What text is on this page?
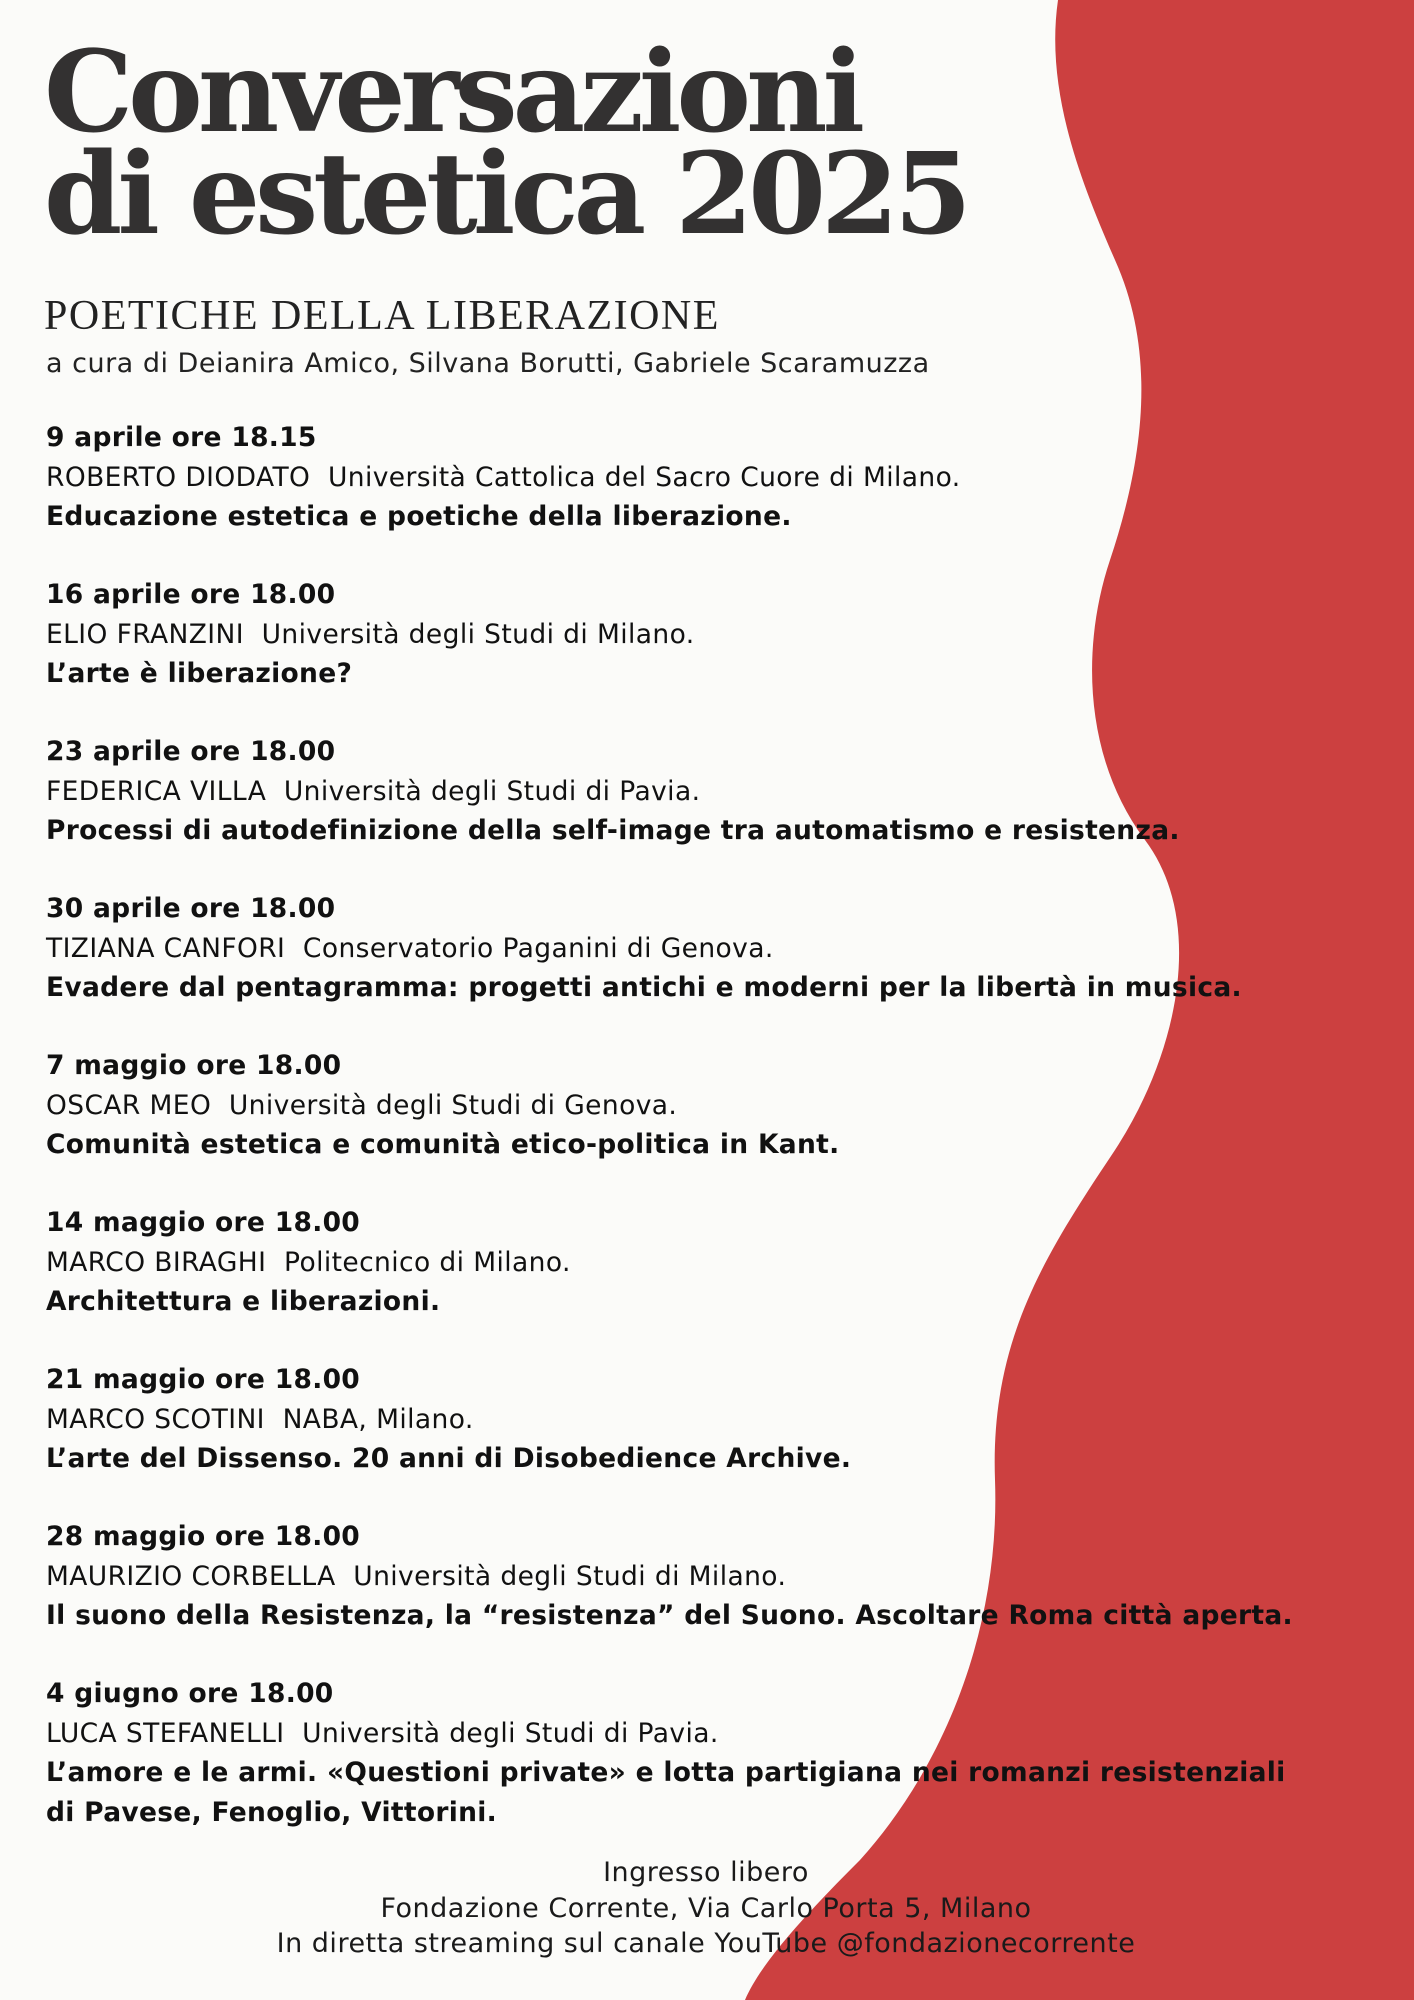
Conversazioni
di estetica 2025
POETICHE DELLA LIBERAZIONE

a cura di Deianira Amico, Silvana Borutti, Gabriele Scaramuzza

9 aprile ore 18.15
ROBERTO DIODATO Università Cattolica del Sacro Cuore di Milano.
Educazione estetica e poetiche della liberazione.
16 aprile ore 18.00
ELIO FRANZINI Università degli Studi di Milano.
L’arte è liberazione?
23 aprile ore 18.00
FEDERICA VILLA Università degli Studi di Pavia.
Processi di autodefinizione della self-image tra automatismo e resistenza.
30 aprile ore 18.00
TIZIANA CANFORI Conservatorio Paganini di Genova.
Evadere dal pentagramma: progetti antichi e moderni per la libertà in musica.
7 maggio ore 18.00
OSCAR MEO Università degli Studi di Genova.
Comunità estetica e comunità etico-politica in Kant.
14 maggio ore 18.00
MARCO BIRAGHI Politecnico di Milano.
Architettura e liberazioni.
21 maggio ore 18.00
MARCO SCOTINI NABA, Milano.
L’arte del Dissenso. 20 anni di Disobedience Archive.
28 maggio ore 18.00
MAURIZIO CORBELLA Università degli Studi di Milano.
Il suono della Resistenza, la “resistenza” del Suono. Ascoltare Roma città aperta.
4 giugno ore 18.00
LUCA STEFANELLI Università degli Studi di Pavia.
L’amore e le armi. «Questioni private» e lotta partigiana nei romanzi resistenziali
di Pavese, Fenoglio, Vittorini.
Ingresso libero
Fondazione Corrente, Via Carlo Porta 5, Milano
In diretta streaming sul canale YouTube @fondazionecorrente
